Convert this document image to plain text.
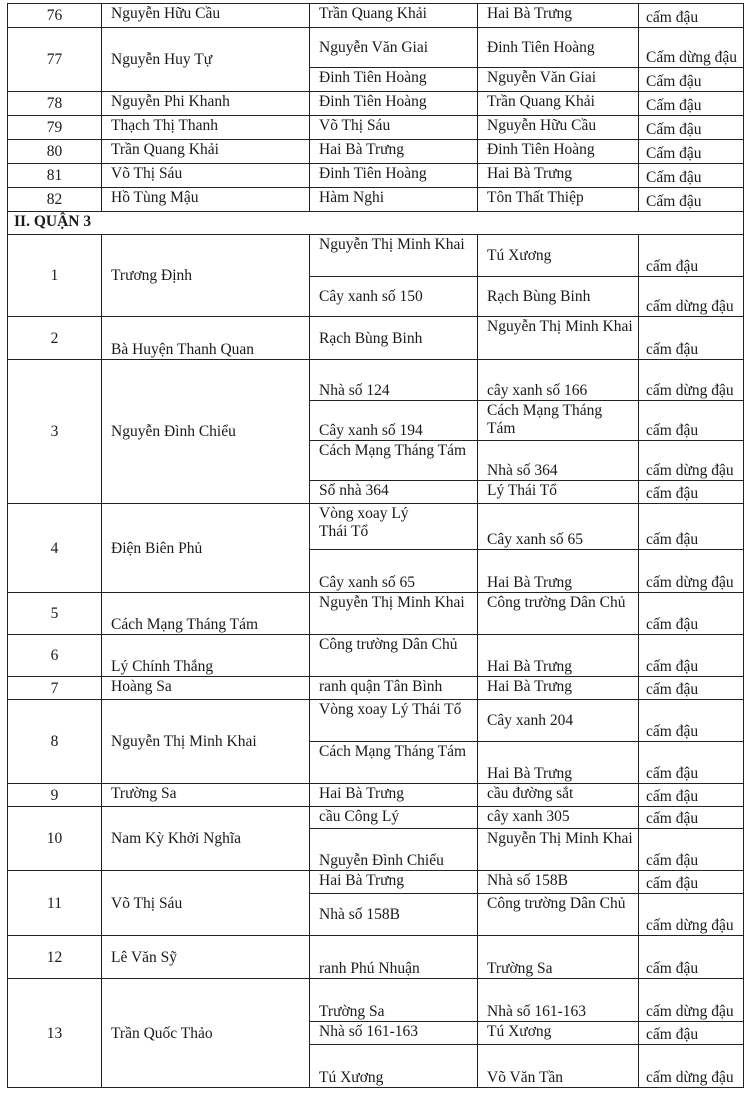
76	Nguyễn Hữu Cầu	Trần Quang Khải	Hai Bà Trưng	cấm đậu
77	Nguyễn Huy Tự	Nguyễn Văn Giai	Đinh Tiên Hoàng	Cấm dừng đậu
		Đinh Tiên Hoàng	Nguyễn Văn Giai	Cấm đậu
78	Nguyễn Phi Khanh	Đinh Tiên Hoàng	Trần Quang Khải	Cấm đậu
79	Thạch Thị Thanh	Võ Thị Sáu	Nguyễn Hữu Cầu	Cấm đậu
80	Trần Quang Khải	Hai Bà Trưng	Đinh Tiên Hoàng	Cấm đậu
81	Võ Thị Sáu	Đinh Tiên Hoàng	Hai Bà Trưng	Cấm đậu
82	Hồ Tùng Mậu	Hàm Nghi	Tôn Thất Thiệp	Cấm đậu
II. QUẬN 3				
1	Trương Định	Nguyễn Thị Minh Khai	Tú Xương	cấm đậu
		Cây xanh số 150	Rạch Bùng Binh	cấm dừng đậu
2	Bà Huyện Thanh Quan	Rạch Bùng Binh	Nguyễn Thị Minh Khai	cấm đậu
3	Nguyễn Đình Chiểu	Nhà số 124	cây xanh số 166	cấm dừng đậu
		Cây xanh số 194	Cách Mạng Tháng Tám	cấm đậu
		Cách Mạng Tháng Tám	Nhà số 364	cấm dừng đậu
		Số nhà 364	Lý Thái Tổ	cấm đậu
4	Điện Biên Phủ	Vòng xoay Lý Thái Tổ	Cây xanh số 65	cấm đậu
		Cây xanh số 65	Hai Bà Trưng	cấm dừng đậu
5	Cách Mạng Tháng Tám	Nguyễn Thị Minh Khai	Công trường Dân Chủ	cấm đậu
6	Lý Chính Thắng	Công trường Dân Chủ	Hai Bà Trưng	cấm đậu
7	Hoàng Sa	ranh quận Tân Bình	Hai Bà Trưng	cấm đậu
8	Nguyễn Thị Minh Khai	Vòng xoay Lý Thái Tổ	Cây xanh 204	cấm đậu
		Cách Mạng Tháng Tám	Hai Bà Trưng	cấm đậu
9	Trường Sa	Hai Bà Trưng	cầu đường sắt	cấm đậu
10	Nam Kỳ Khởi Nghĩa	cầu Công Lý	cây xanh 305	cấm đậu
		Nguyễn Đình Chiểu	Nguyễn Thị Minh Khai	cấm đậu
11	Võ Thị Sáu	Hai Bà Trưng	Nhà số 158B	cấm đậu
		Nhà số 158B	Công trường Dân Chủ	cấm dừng đậu
12	Lê Văn Sỹ	ranh Phú Nhuận	Trường Sa	cấm đậu
13	Trần Quốc Thảo	Trường Sa	Nhà số 161-163	cấm dừng đậu
		Nhà số 161-163	Tú Xương	cấm đậu
		Tú Xương	Võ Văn Tần	cấm dừng đậu
